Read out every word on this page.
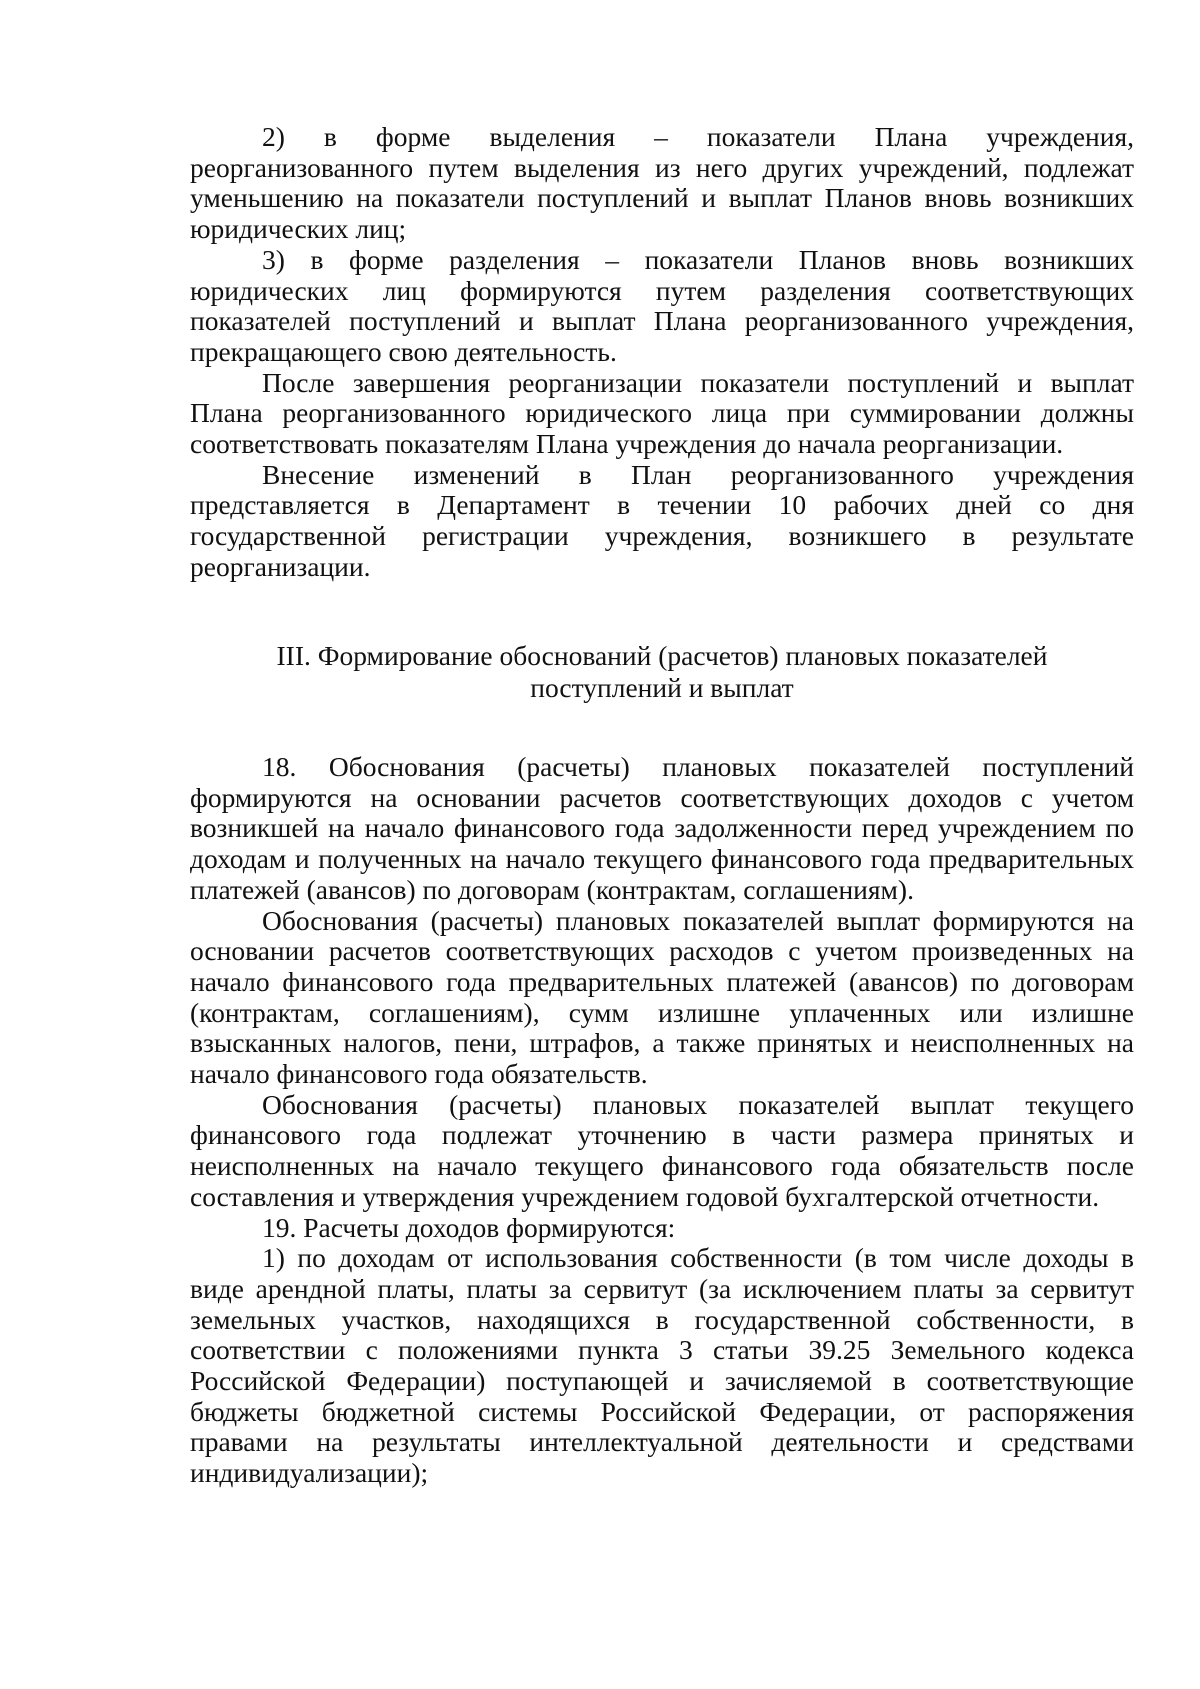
2) в форме выделения – показатели Плана учреждения, реорганизованного путем выделения из него других учреждений, подлежат уменьшению на показатели поступлений и выплат Планов вновь возникших юридических лиц;

3) в форме разделения – показатели Планов вновь возникших юридических лиц формируются путем разделения соответствующих показателей поступлений и выплат Плана реорганизованного учреждения, прекращающего свою деятельность.

После завершения реорганизации показатели поступлений и выплат Плана реорганизованного юридического лица при суммировании должны соответствовать показателям Плана учреждения до начала реорганизации.

Внесение изменений в План реорганизованного учреждения представляется в Департамент в течении 10 рабочих дней со дня государственной регистрации учреждения, возникшего в результате реорганизации.

III. Формирование обоснований (расчетов) плановых показателей
поступлений и выплат

18. Обоснования (расчеты) плановых показателей поступлений формируются на основании расчетов соответствующих доходов с учетом возникшей на начало финансового года задолженности перед учреждением по доходам и полученных на начало текущего финансового года предварительных платежей (авансов) по договорам (контрактам, соглашениям).

Обоснования (расчеты) плановых показателей выплат формируются на основании расчетов соответствующих расходов с учетом произведенных на начало финансового года предварительных платежей (авансов) по договорам (контрактам, соглашениям), сумм излишне уплаченных или излишне взысканных налогов, пени, штрафов, а также принятых и неисполненных на начало финансового года обязательств.

Обоснования (расчеты) плановых показателей выплат текущего финансового года подлежат уточнению в части размера принятых и неисполненных на начало текущего финансового года обязательств после составления и утверждения учреждением годовой бухгалтерской отчетности.

19. Расчеты доходов формируются:

1) по доходам от использования собственности (в том числе доходы в виде арендной платы, платы за сервитут (за исключением платы за сервитут земельных участков, находящихся в государственной собственности, в соответствии с положениями пункта 3 статьи 39.25 Земельного кодекса Российской Федерации) поступающей и зачисляемой в соответствующие бюджеты бюджетной системы Российской Федерации, от распоряжения правами на результаты интеллектуальной деятельности и средствами индивидуализации);
